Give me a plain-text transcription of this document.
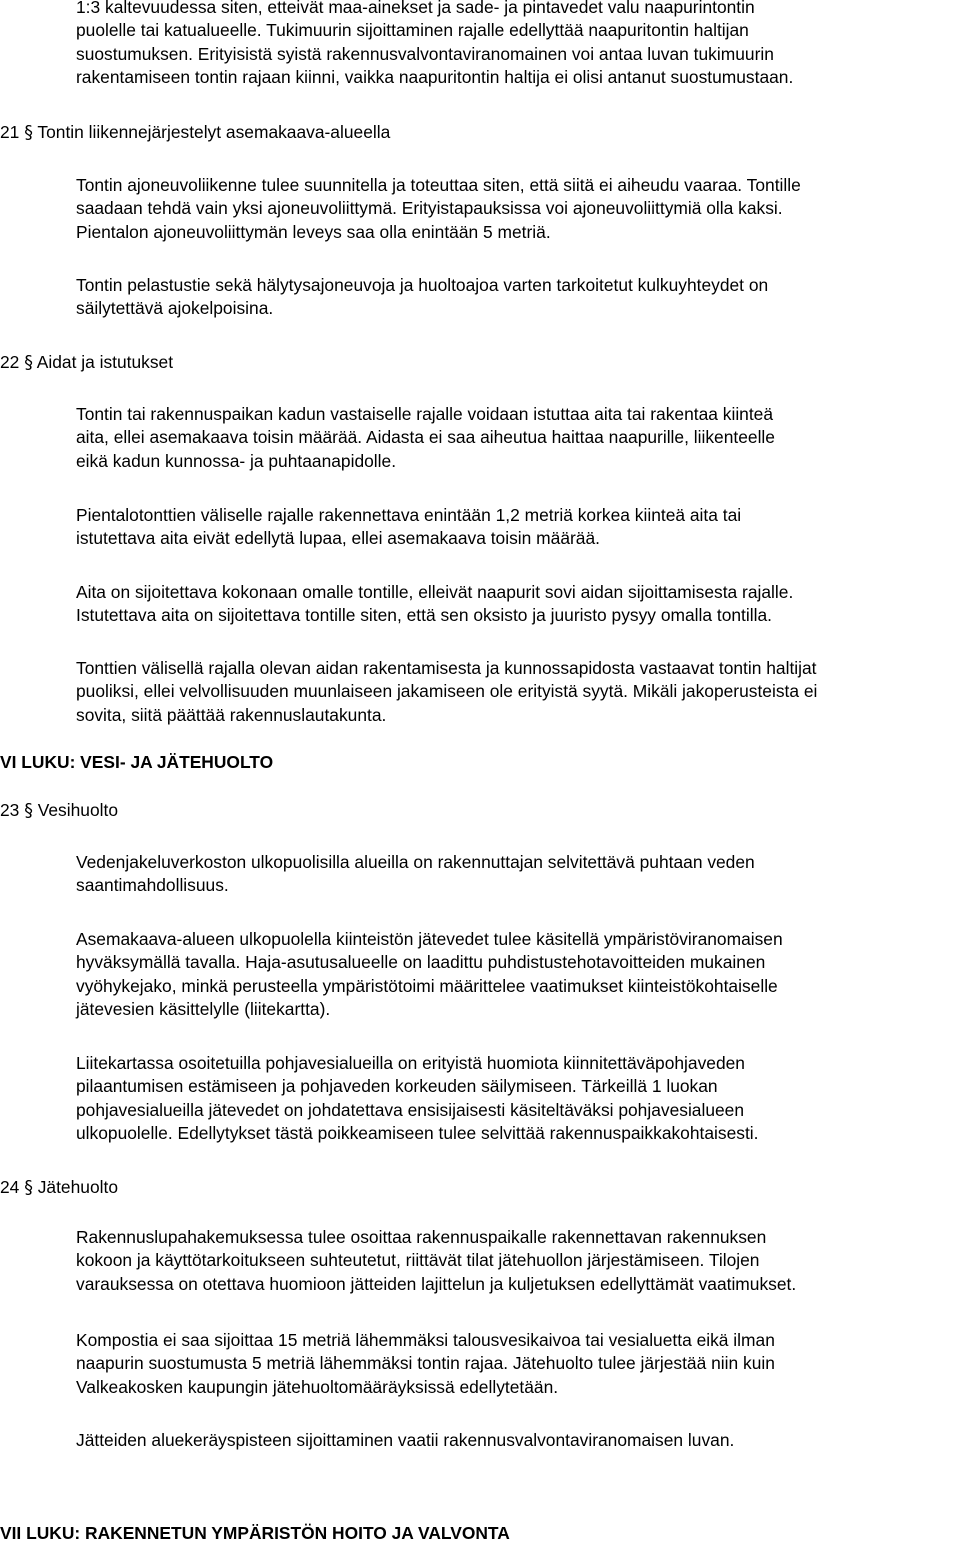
1:3 kaltevuudessa siten, etteivät maa-ainekset ja sade- ja pintavedet valu naapurintontin
puolelle tai katualueelle. Tukimuurin sijoittaminen rajalle edellyttää naapuritontin haltijan
suostumuksen. Erityisistä syistä rakennusvalvontaviranomainen voi antaa luvan tukimuurin
rakentamiseen tontin rajaan kiinni, vaikka naapuritontin haltija ei olisi antanut suostumustaan.
21 § Tontin liikennejärjestelyt asemakaava-alueella
Tontin ajoneuvoliikenne tulee suunnitella ja toteuttaa siten, että siitä ei aiheudu vaaraa. Tontille
saadaan tehdä vain yksi ajoneuvoliittymä. Erityistapauksissa voi ajoneuvoliittymiä olla kaksi.
Pientalon ajoneuvoliittymän leveys saa olla enintään 5 metriä.
Tontin pelastustie sekä hälytysajoneuvoja ja huoltoajoa varten tarkoitetut kulkuyhteydet on
säilytettävä ajokelpoisina.
22 § Aidat ja istutukset
Tontin tai rakennuspaikan kadun vastaiselle rajalle voidaan istuttaa aita tai rakentaa kiinteä
aita, ellei asemakaava toisin määrää. Aidasta ei saa aiheutua haittaa naapurille, liikenteelle
eikä kadun kunnossa- ja puhtaanapidolle.
Pientalotonttien väliselle rajalle rakennettava enintään 1,2 metriä korkea kiinteä aita tai
istutettava aita eivät edellytä lupaa, ellei asemakaava toisin määrää.
Aita on sijoitettava kokonaan omalle tontille, elleivät naapurit sovi aidan sijoittamisesta rajalle.
Istutettava aita on sijoitettava tontille siten, että sen oksisto ja juuristo pysyy omalla tontilla.
Tonttien välisellä rajalla olevan aidan rakentamisesta ja kunnossapidosta vastaavat tontin haltijat
puoliksi, ellei velvollisuuden muunlaiseen jakamiseen ole erityistä syytä. Mikäli jakoperusteista ei
sovita, siitä päättää rakennuslautakunta.
VI LUKU: VESI- JA JÄTEHUOLTO
23 § Vesihuolto
Vedenjakeluverkoston ulkopuolisilla alueilla on rakennuttajan selvitettävä puhtaan veden
saantimahdollisuus.
Asemakaava-alueen ulkopuolella kiinteistön jätevedet tulee käsitellä ympäristöviranomaisen
hyväksymällä tavalla. Haja-asutusalueelle on laadittu puhdistustehotavoitteiden mukainen
vyöhykejako, minkä perusteella ympäristötoimi määrittelee vaatimukset kiinteistökohtaiselle
jätevesien käsittelylle (liitekartta).
Liitekartassa osoitetuilla pohjavesialueilla on erityistä huomiota kiinnitettäväpohjaveden
pilaantumisen estämiseen ja pohjaveden korkeuden säilymiseen. Tärkeillä 1 luokan
pohjavesialueilla jätevedet on johdatettava ensisijaisesti käsiteltäväksi pohjavesialueen
ulkopuolelle. Edellytykset tästä poikkeamiseen tulee selvittää rakennuspaikkakohtaisesti.
24 § Jätehuolto
Rakennuslupahakemuksessa tulee osoittaa rakennuspaikalle rakennettavan rakennuksen
kokoon ja käyttötarkoitukseen suhteutetut, riittävät tilat jätehuollon järjestämiseen. Tilojen
varauksessa on otettava huomioon jätteiden lajittelun ja kuljetuksen edellyttämät vaatimukset.
Kompostia ei saa sijoittaa 15 metriä lähemmäksi talousvesikaivoa tai vesialuetta eikä ilman
naapurin suostumusta 5 metriä lähemmäksi tontin rajaa. Jätehuolto tulee järjestää niin kuin
Valkeakosken kaupungin jätehuoltomääräyksissä edellytetään.
Jätteiden aluekeräyspisteen sijoittaminen vaatii rakennusvalvontaviranomaisen luvan.
VII LUKU: RAKENNETUN YMPÄRISTÖN HOITO JA VALVONTA
